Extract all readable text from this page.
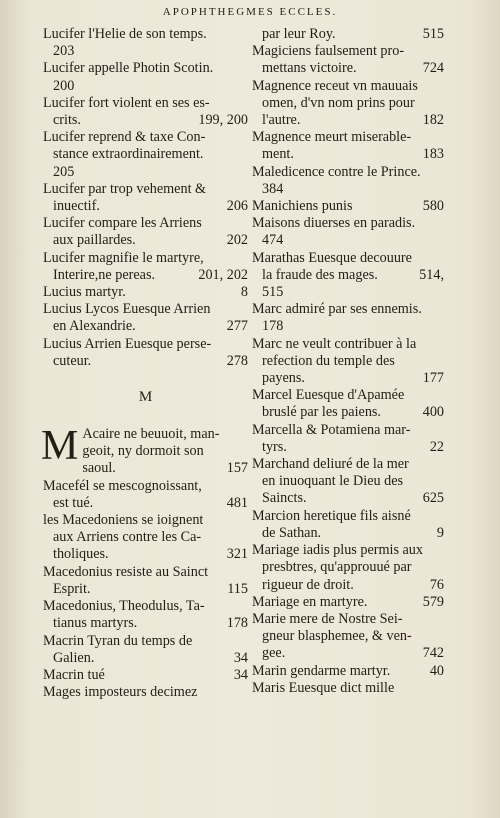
APOPHTHEGMES ECCLES.
Lucifer l'Helie de son temps.
203
Lucifer appelle Photin Scotin.
200
Lucifer fort violent en ses es-
crits.	199, 200
Lucifer reprend & taxe Con-
stance extraordinairement.
205
Lucifer par trop vehement &
inuectif.	206
Lucifer compare les Arriens
aux paillardes.	202
Lucifer magnifie le martyre,
Interire,ne pereas.	201, 202
Lucius martyr.	8
Lucius Lycos Euesque Arrien
en Alexandrie.	277
Lucius Arrien Euesque perse-
cuteur.	278
M
M Acaire ne beuuoit, man-
geoit, ny dormoit son
saoul.	157
Macefél se mescognoissant,
est tué.	481
les Macedoniens se ioignent
aux Arriens contre les Ca-
tholiques.	321
Macedonius resiste au Sainct
Esprit.	115
Macedonius, Theodulus, Ta-
tianus martyrs.	178
Macrin Tyran du temps de
Galien.	34
Macrin tué	34
Mages imposteurs decimez
par leur Roy.	515
Magiciens faulsement pro-
mettans victoire.	724
Magnence receut vn mauuais
omen, d'vn nom prins pour
l'autre.	182
Magnence meurt miserable-
ment.	183
Maledicence contre le Prince.
384
Manichiens punis	580
Maisons diuerses en paradis.
474
Marathas Euesque decouure
la fraude des mages.	514,
515
Marc admiré par ses ennemis.
178
Marc ne veult contribuer à la
refection du temple des
payens.	177
Marcel Euesque d'Apamée
bruslé par les paiens.	400
Marcella & Potamiena mar-
tyrs.	22
Marchand deliuré de la mer
en inuoquant le Dieu des
Saincts.	625
Marcion heretique fils aisné
de Sathan.	9
Mariage iadis plus permis aux
presbtres, qu'approuué par
rigueur de droit.	76
Mariage en martyre.	579
Marie mere de Nostre Sei-
gneur blasphemee, & ven-
gee.	742
Marin gendarme martyr.	40
Maris Euesque dict mille
